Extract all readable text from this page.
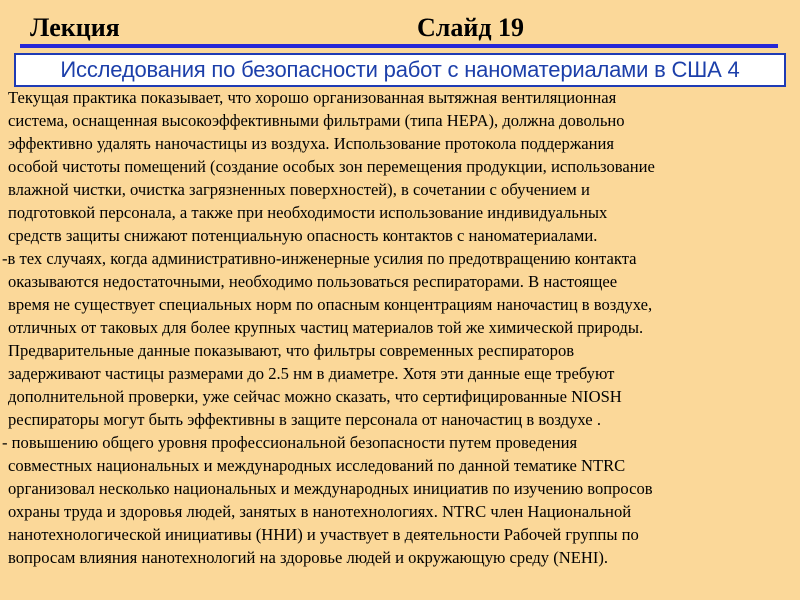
Лекция	Слайд 19
Исследования по безопасности работ с наноматериалами в США 4
Текущая практика показывает, что хорошо организованная вытяжная вентиляционная
система, оснащенная высокоэффективными фильтрами (типа HEPA), должна довольно
эффективно удалять наночастицы из воздуха. Использование протокола поддержания
особой чистоты помещений (создание особых зон перемещения продукции, использование
влажной чистки, очистка загрязненных поверхностей), в сочетании с обучением и
подготовкой персонала, а также при необходимости использование индивидуальных
средств защиты снижают потенциальную опасность контактов с наноматериалами.
-в тех случаях, когда административно-инженерные усилия по предотвращению контакта
оказываются недостаточными, необходимо пользоваться респираторами. В настоящее
время не существует специальных норм по опасным концентрациям наночастиц в воздухе,
отличных от таковых для более крупных частиц материалов той же химической природы.
Предварительные данные показывают, что фильтры современных респираторов
задерживают частицы размерами до 2.5 нм в диаметре. Хотя эти данные еще требуют
дополнительной проверки, уже сейчас можно сказать, что сертифицированные NIOSH
респираторы могут быть эффективны в защите персонала от наночастиц в воздухе .
- повышению общего уровня профессиональной безопасности путем проведения
совместных национальных и международных исследований по данной тематике NTRC
организовал несколько национальных и международных инициатив по изучению вопросов
охраны труда и здоровья людей, занятых в нанотехнологиях. NTRC член Национальной
нанотехнологической инициативы (ННИ) и участвует в деятельности Рабочей группы по
вопросам влияния нанотехнологий на здоровье людей и окружающую среду (NEHI).
